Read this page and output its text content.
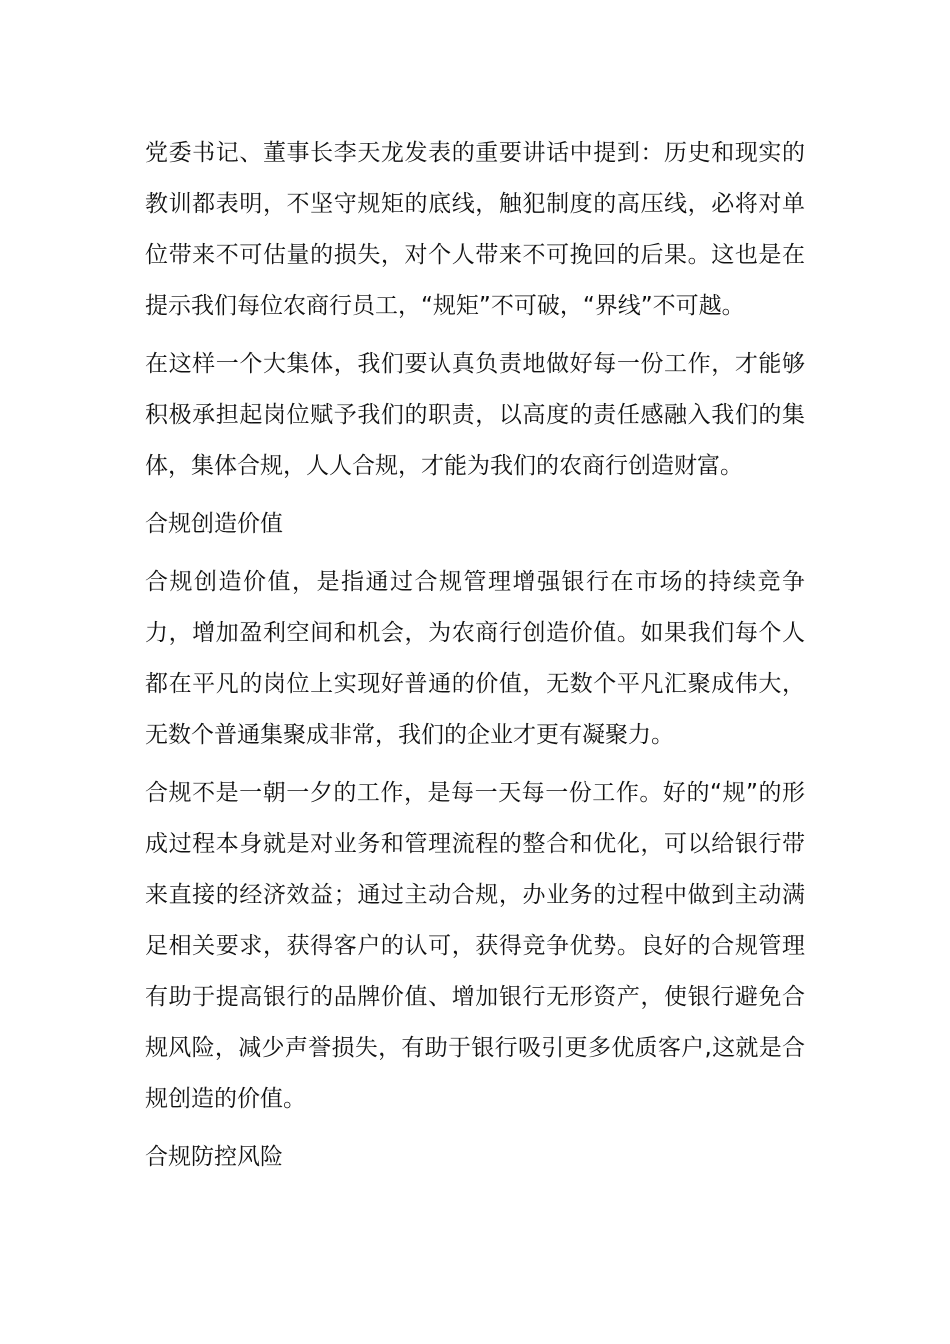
党委书记、董事长李天龙发表的重要讲话中提到：历史和现实的教训都表明，不坚守规矩的底线，触犯制度的高压线，必将对单位带来不可估量的损失，对个人带来不可挽回的后果。这也是在提示我们每位农商行员工，“规矩”不可破，“界线”不可越。

在这样一个大集体，我们要认真负责地做好每一份工作，才能够积极承担起岗位赋予我们的职责，以高度的责任感融入我们的集体，集体合规，人人合规，才能为我们的农商行创造财富。

合规创造价值

合规创造价值，是指通过合规管理增强银行在市场的持续竞争力，增加盈利空间和机会，为农商行创造价值。如果我们每个人都在平凡的岗位上实现好普通的价值，无数个平凡汇聚成伟大，无数个普通集聚成非常，我们的企业才更有凝聚力。

合规不是一朝一夕的工作，是每一天每一份工作。好的“规”的形成过程本身就是对业务和管理流程的整合和优化，可以给银行带来直接的经济效益；通过主动合规，办业务的过程中做到主动满足相关要求，获得客户的认可，获得竞争优势。良好的合规管理有助于提高银行的品牌价值、增加银行无形资产，使银行避免合规风险，减少声誉损失，有助于银行吸引更多优质客户,这就是合规创造的价值。

合规防控风险
